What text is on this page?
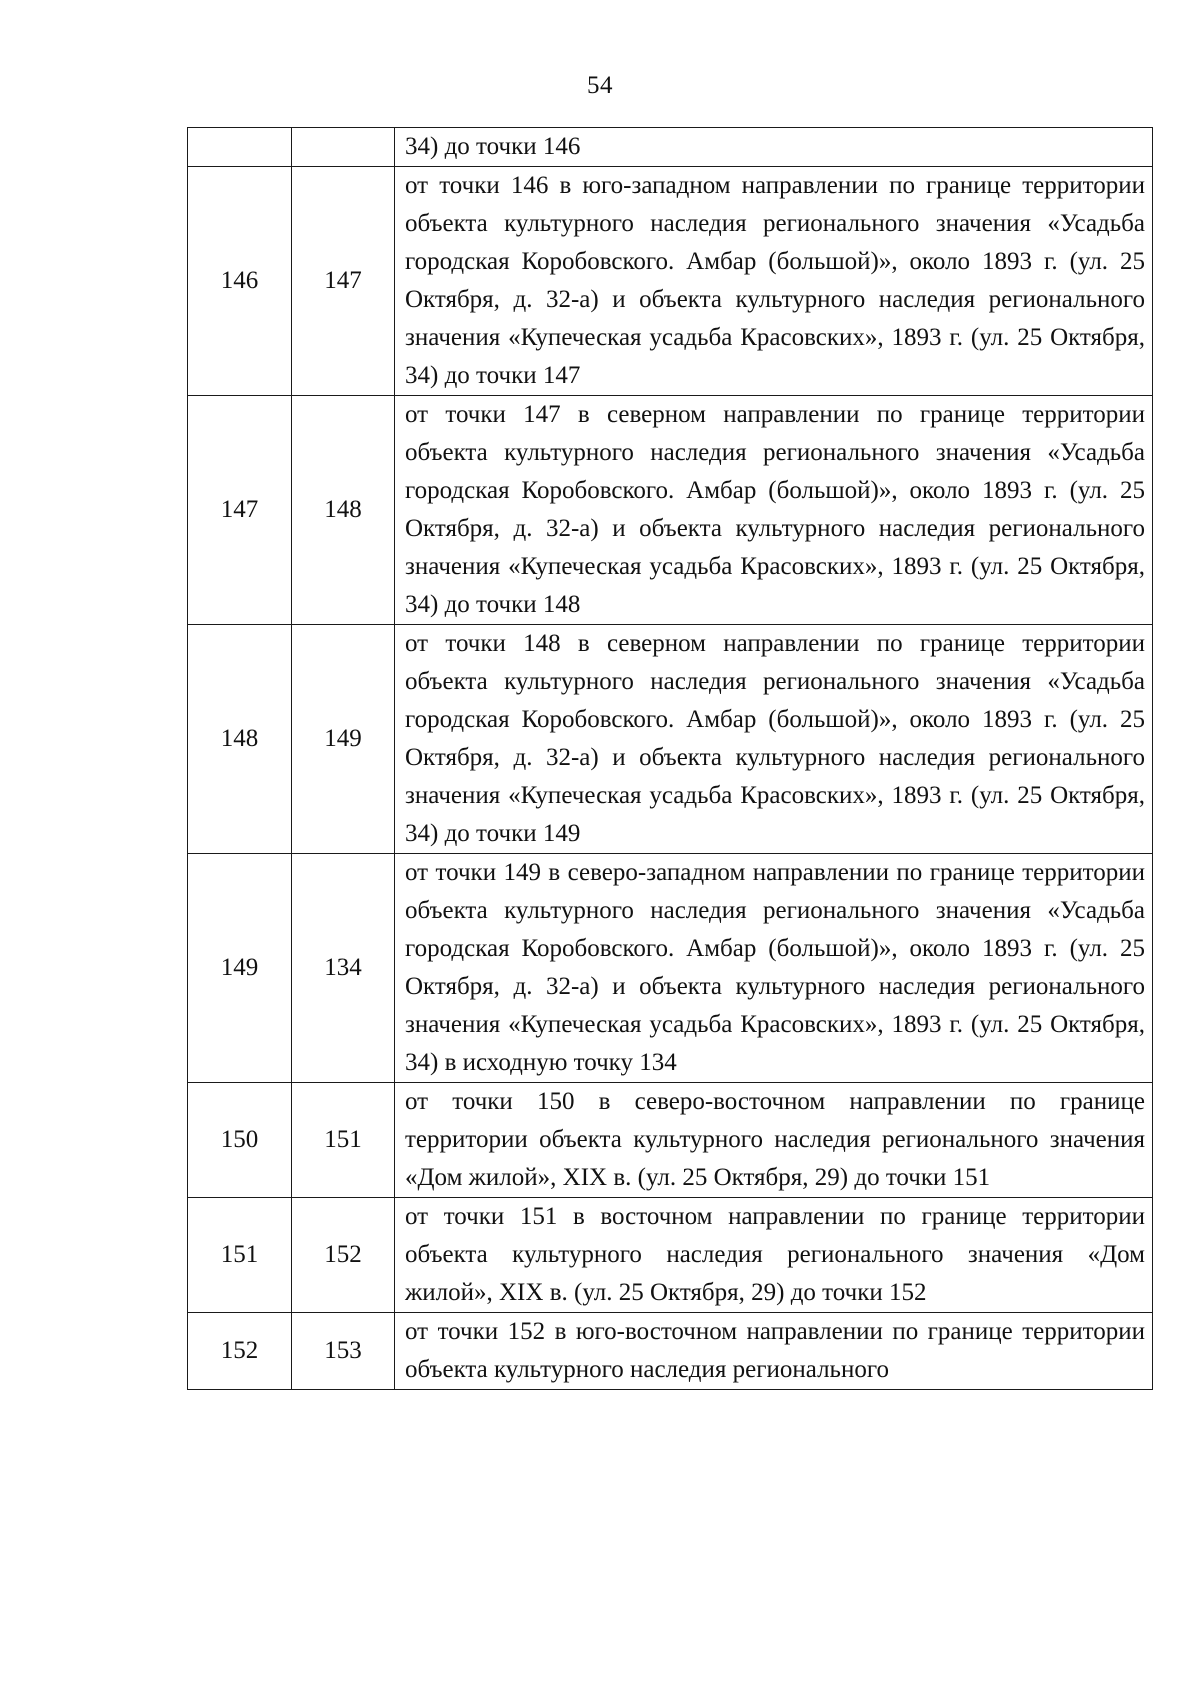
54
		34) до точки 146
146	147	от точки 146 в юго-западном направлении по границе территории объекта культурного наследия регионального значения «Усадьба городская Коробовского. Амбар (большой)», около 1893 г. (ул. 25 Октября, д. 32-а) и объекта культурного наследия регионального значения «Купеческая усадьба Красовских», 1893 г. (ул. 25 Октября, 34) до точки 147
147	148	от точки 147 в северном направлении по границе территории объекта культурного наследия регионального значения «Усадьба городская Коробовского. Амбар (большой)», около 1893 г. (ул. 25 Октября, д. 32-а) и объекта культурного наследия регионального значения «Купеческая усадьба Красовских», 1893 г. (ул. 25 Октября, 34) до точки 148
148	149	от точки 148 в северном направлении по границе территории объекта культурного наследия регионального значения «Усадьба городская Коробовского. Амбар (большой)», около 1893 г. (ул. 25 Октября, д. 32-а) и объекта культурного наследия регионального значения «Купеческая усадьба Красовских», 1893 г. (ул. 25 Октября, 34) до точки 149
149	134	от точки 149 в северо-западном направлении по границе территории объекта культурного наследия регионального значения «Усадьба городская Коробовского. Амбар (большой)», около 1893 г. (ул. 25 Октября, д. 32-а) и объекта культурного наследия регионального значения «Купеческая усадьба Красовских», 1893 г. (ул. 25 Октября, 34) в исходную точку 134
150	151	от точки 150 в северо-восточном направлении по границе территории объекта культурного наследия регионального значения «Дом жилой», XIX в. (ул. 25 Октября, 29) до точки 151
151	152	от точки 151 в восточном направлении по границе территории объекта культурного наследия регионального значения «Дом жилой», XIX в. (ул. 25 Октября, 29) до точки 152
152	153	от точки 152 в юго-восточном направлении по границе территории объекта культурного наследия регионального
